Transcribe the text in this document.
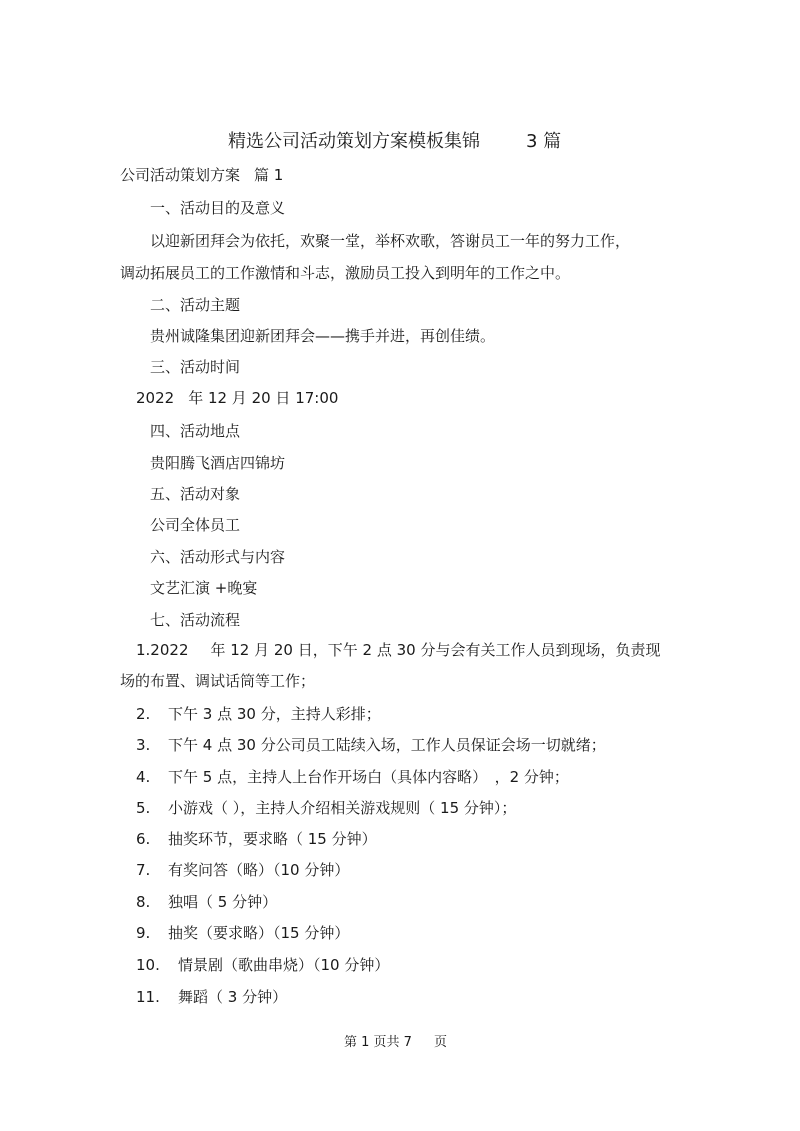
精选公司活动策划方案模板集锦	3 篇
公司活动策划方案 篇 1
一、活动目的及意义
以迎新团拜会为依托，欢聚一堂，举杯欢歌，答谢员工一年的努力工作，
调动拓展员工的工作激情和斗志，激励员工投入到明年的工作之中。
二、活动主题
贵州诚隆集团迎新团拜会——携手并进，再创佳绩。
三、活动时间
2022 年 12 月 20 日 17:00
四、活动地点
贵阳腾飞酒店四锦坊
五、活动对象
公司全体员工
六、活动形式与内容
文艺汇演 +晚宴
七、活动流程
1.2022 年 12 月 20 日，下午 2 点 30 分与会有关工作人员到现场，负责现
场的布置、调试话筒等工作；
2. 下午 3 点 30 分，主持人彩排；
3. 下午 4 点 30 分公司员工陆续入场，工作人员保证会场一切就绪；
4. 下午 5 点，主持人上台作开场白（具体内容略）　，2 分钟；
5. 小游戏（ ），主持人介绍相关游戏规则（ 15 分钟）；
6. 抽奖环节，要求略（ 15 分钟）
7. 有奖问答（略）（10 分钟）
8. 独唱（ 5 分钟）
9. 抽奖（要求略）（15 分钟）
10. 情景剧（歌曲串烧）（10 分钟）
11. 舞蹈（ 3 分钟）
第 1 页共 7 页
